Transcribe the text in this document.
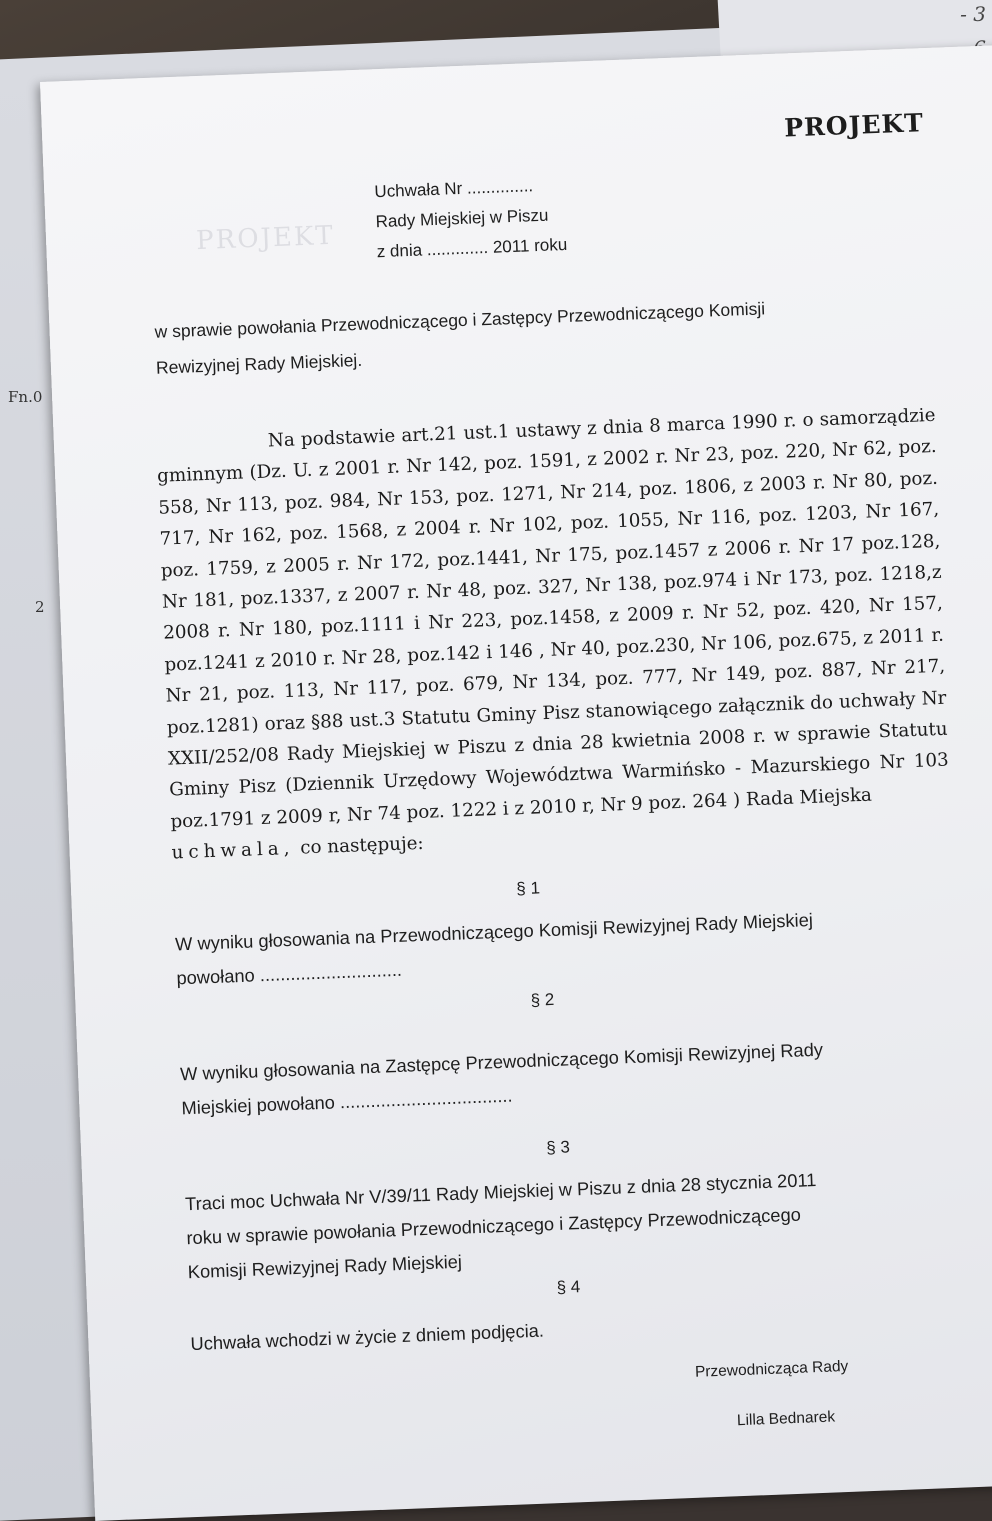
Fn.0
2
- 3
PROJEKT
PROJEKT
Uchwała Nr ..............
Rady Miejskiej w Piszu
z dnia ............. 2011 roku
w sprawie powołania Przewodniczącego i Zastępcy Przewodniczącego Komisji
Rewizyjnej Rady Miejskiej.
Na podstawie art.21 ust.1 ustawy z dnia 8 marca 1990 r. o samorządzie gminnym (Dz. U. z 2001 r. Nr 142, poz. 1591, z 2002 r. Nr 23, poz. 220, Nr 62, poz. 558, Nr 113, poz. 984, Nr 153, poz. 1271, Nr 214, poz. 1806, z 2003 r. Nr 80, poz. 717, Nr 162, poz. 1568, z 2004 r. Nr 102, poz. 1055, Nr 116, poz. 1203, Nr 167, poz. 1759, z 2005 r. Nr 172, poz.1441, Nr 175, poz.1457 z 2006 r. Nr 17 poz.128, Nr 181, poz.1337, z 2007 r. Nr 48, poz. 327, Nr 138, poz.974 i Nr 173, poz. 1218,z 2008 r. Nr 180, poz.1111 i Nr 223, poz.1458, z 2009 r. Nr 52, poz. 420, Nr 157, poz.1241 z 2010 r. Nr 28, poz.142 i 146 , Nr 40, poz.230, Nr 106, poz.675, z 2011 r. Nr 21, poz. 113, Nr 117, poz. 679, Nr 134, poz. 777, Nr 149, poz. 887, Nr 217, poz.1281) oraz §88 ust.3 Statutu Gminy Pisz stanowiącego załącznik do uchwały Nr XXII/252/08 Rady Miejskiej w Piszu z dnia 28 kwietnia 2008 r. w sprawie Statutu Gminy Pisz (Dziennik Urzędowy Województwa Warmińsko - Mazurskiego Nr 103 poz.1791 z 2009 r, Nr 74 poz. 1222 i z 2010 r, Nr 9 poz. 264 ) Rada Miejska
uchwala, co następuje:
§ 1
W wyniku głosowania na Przewodniczącego Komisji Rewizyjnej Rady Miejskiej
powołano ............................
§ 2
W wyniku głosowania na Zastępcę Przewodniczącego Komisji Rewizyjnej Rady
Miejskiej powołano ..................................
§ 3
Traci moc Uchwała Nr V/39/11 Rady Miejskiej w Piszu z dnia 28 stycznia 2011
roku w sprawie powołania Przewodniczącego i Zastępcy Przewodniczącego
Komisji Rewizyjnej Rady Miejskiej
§ 4
Uchwała wchodzi w życie z dniem podjęcia.
Przewodnicząca Rady
Lilla Bednarek
